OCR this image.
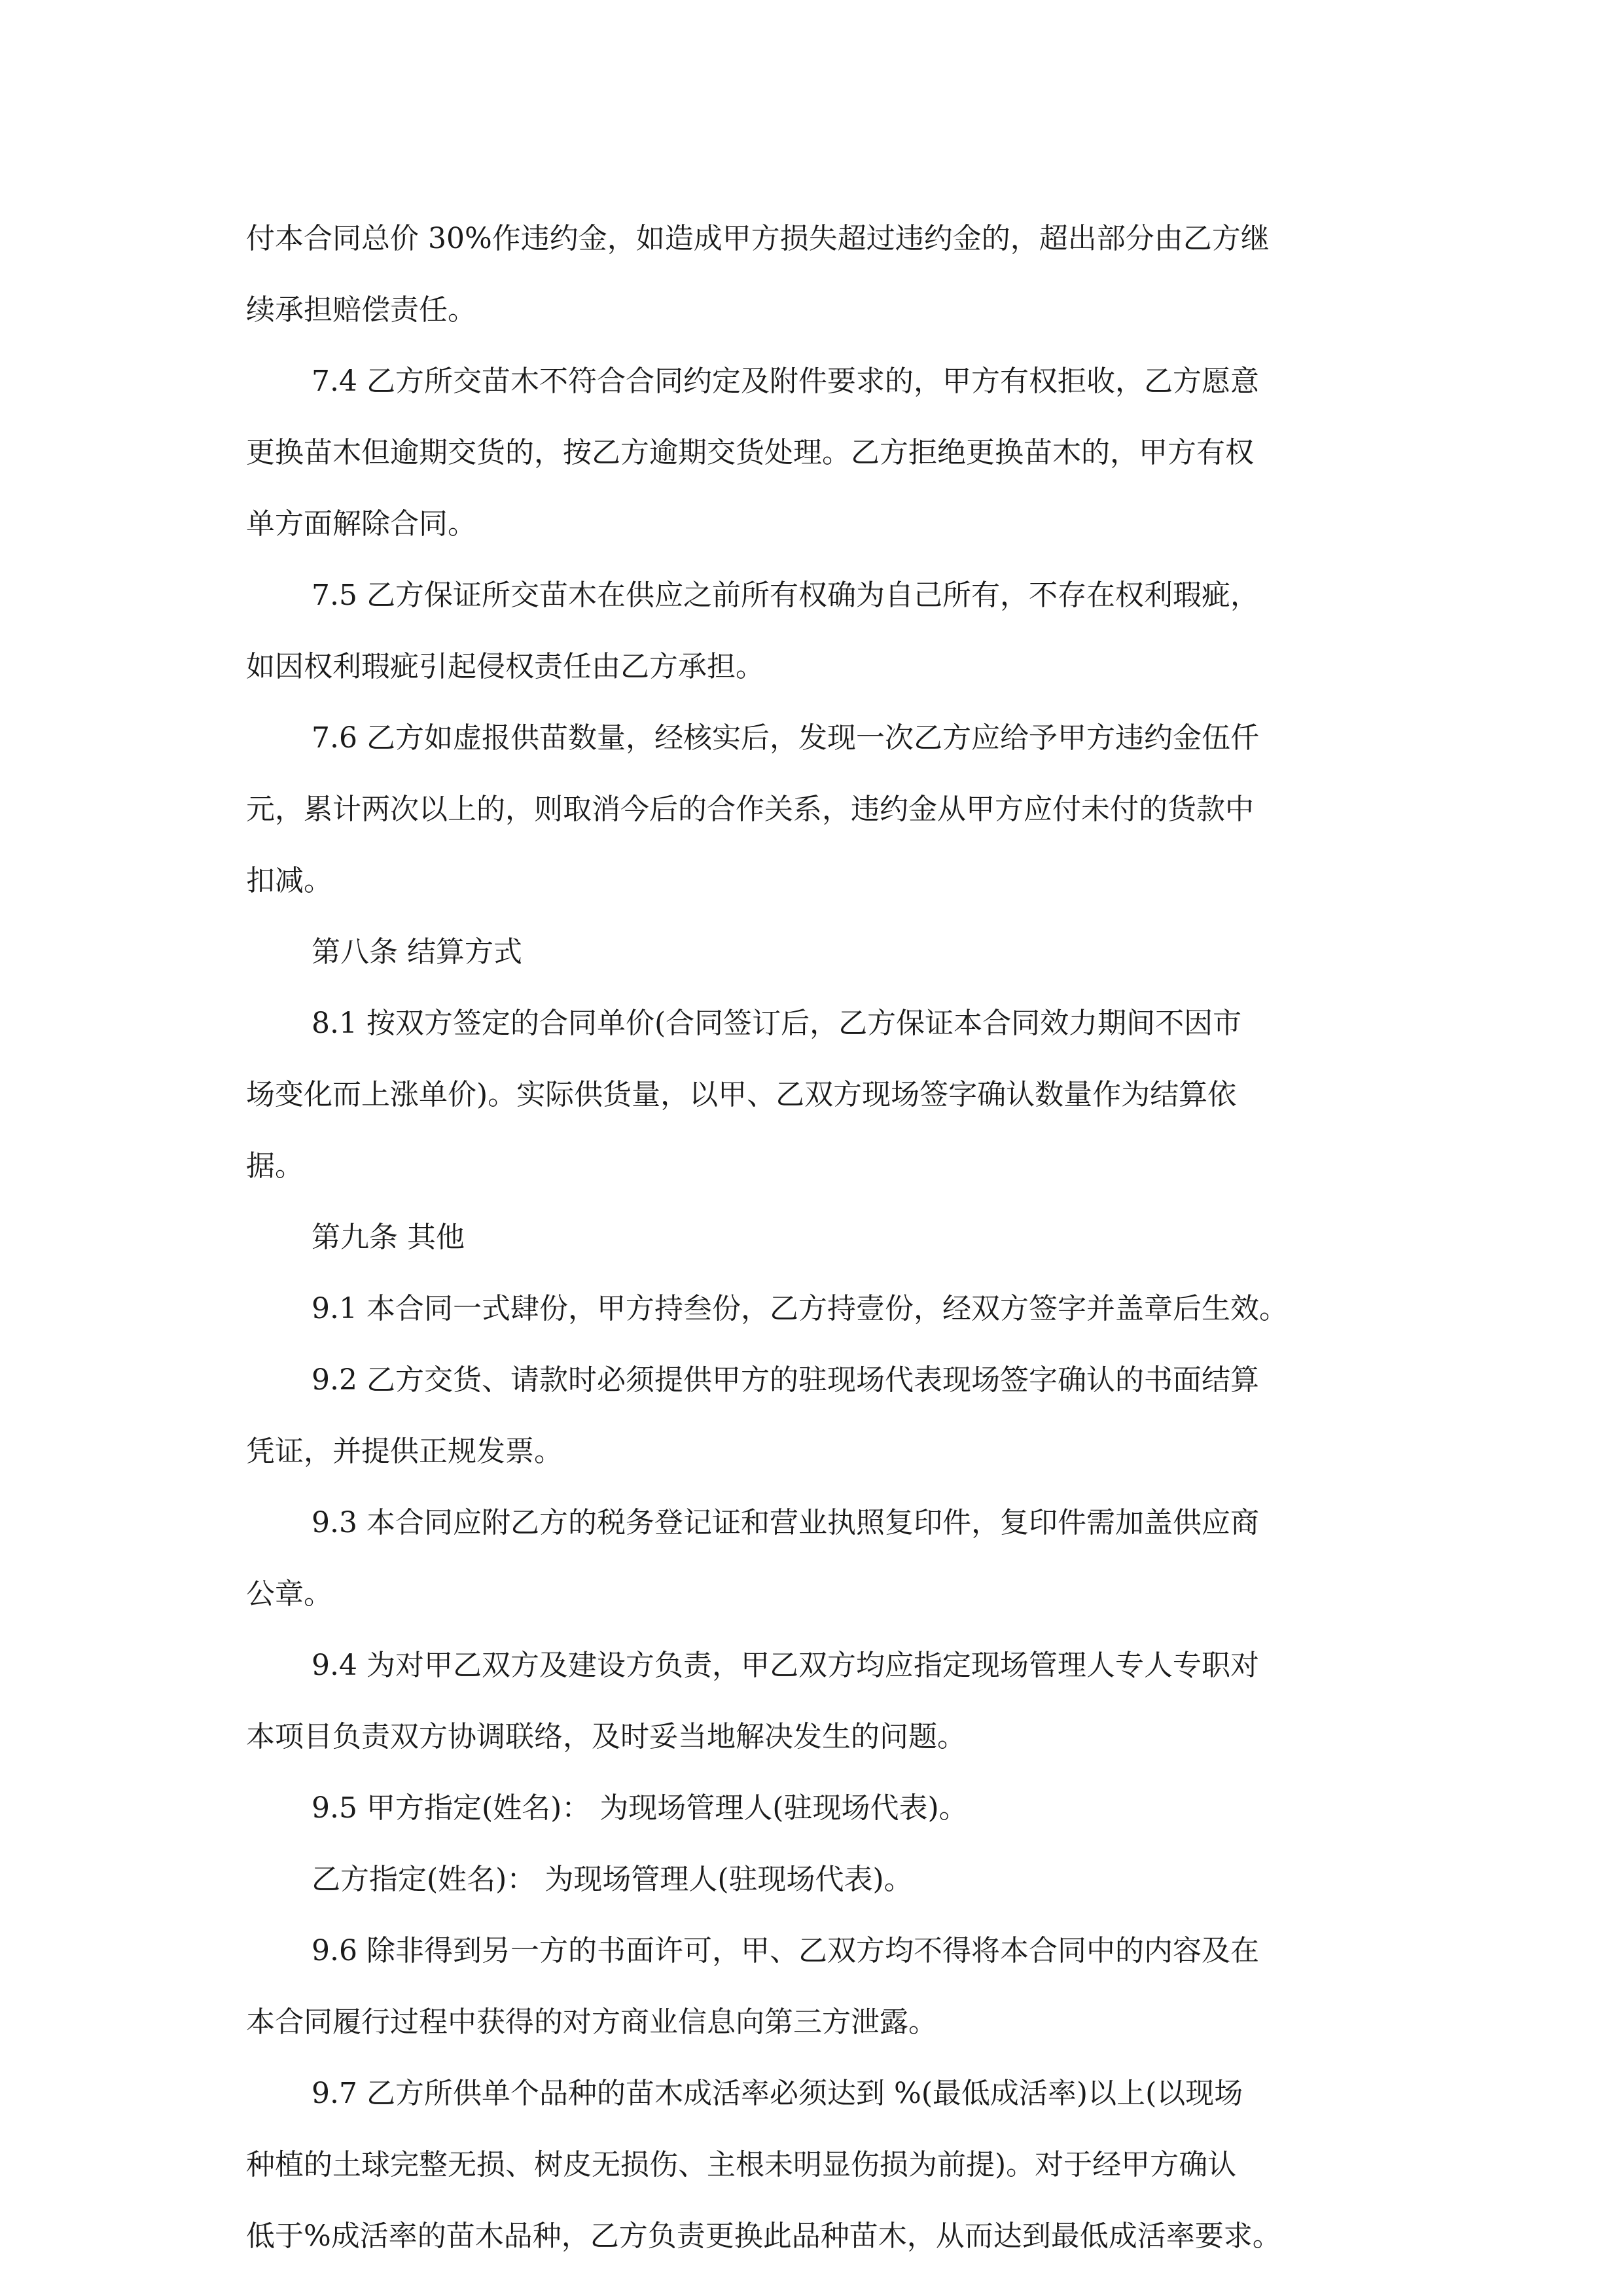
付本合同总价 30%作违约金，如造成甲方损失超过违约金的，超出部分由乙方继
续承担赔偿责任。
7.4 乙方所交苗木不符合合同约定及附件要求的，甲方有权拒收，乙方愿意
更换苗木但逾期交货的，按乙方逾期交货处理。乙方拒绝更换苗木的，甲方有权
单方面解除合同。
7.5 乙方保证所交苗木在供应之前所有权确为自己所有，不存在权利瑕疵，
如因权利瑕疵引起侵权责任由乙方承担。
7.6 乙方如虚报供苗数量，经核实后，发现一次乙方应给予甲方违约金伍仟
元，累计两次以上的，则取消今后的合作关系，违约金从甲方应付未付的货款中
扣减。
第八条 结算方式
8.1 按双方签定的合同单价(合同签订后，乙方保证本合同效力期间不因市
场变化而上涨单价)。实际供货量，以甲、乙双方现场签字确认数量作为结算依
据。
第九条 其他
9.1 本合同一式肆份，甲方持叁份，乙方持壹份，经双方签字并盖章后生效。
9.2 乙方交货、请款时必须提供甲方的驻现场代表现场签字确认的书面结算
凭证，并提供正规发票。
9.3 本合同应附乙方的税务登记证和营业执照复印件，复印件需加盖供应商
公章。
9.4 为对甲乙双方及建设方负责，甲乙双方均应指定现场管理人专人专职对
本项目负责双方协调联络，及时妥当地解决发生的问题。
9.5 甲方指定(姓名)： 为现场管理人(驻现场代表)。
乙方指定(姓名)： 为现场管理人(驻现场代表)。
9.6 除非得到另一方的书面许可，甲、乙双方均不得将本合同中的内容及在
本合同履行过程中获得的对方商业信息向第三方泄露。
9.7 乙方所供单个品种的苗木成活率必须达到 %(最低成活率)以上(以现场
种植的土球完整无损、树皮无损伤、主根未明显伤损为前提)。对于经甲方确认
低于%成活率的苗木品种，乙方负责更换此品种苗木，从而达到最低成活率要求。
